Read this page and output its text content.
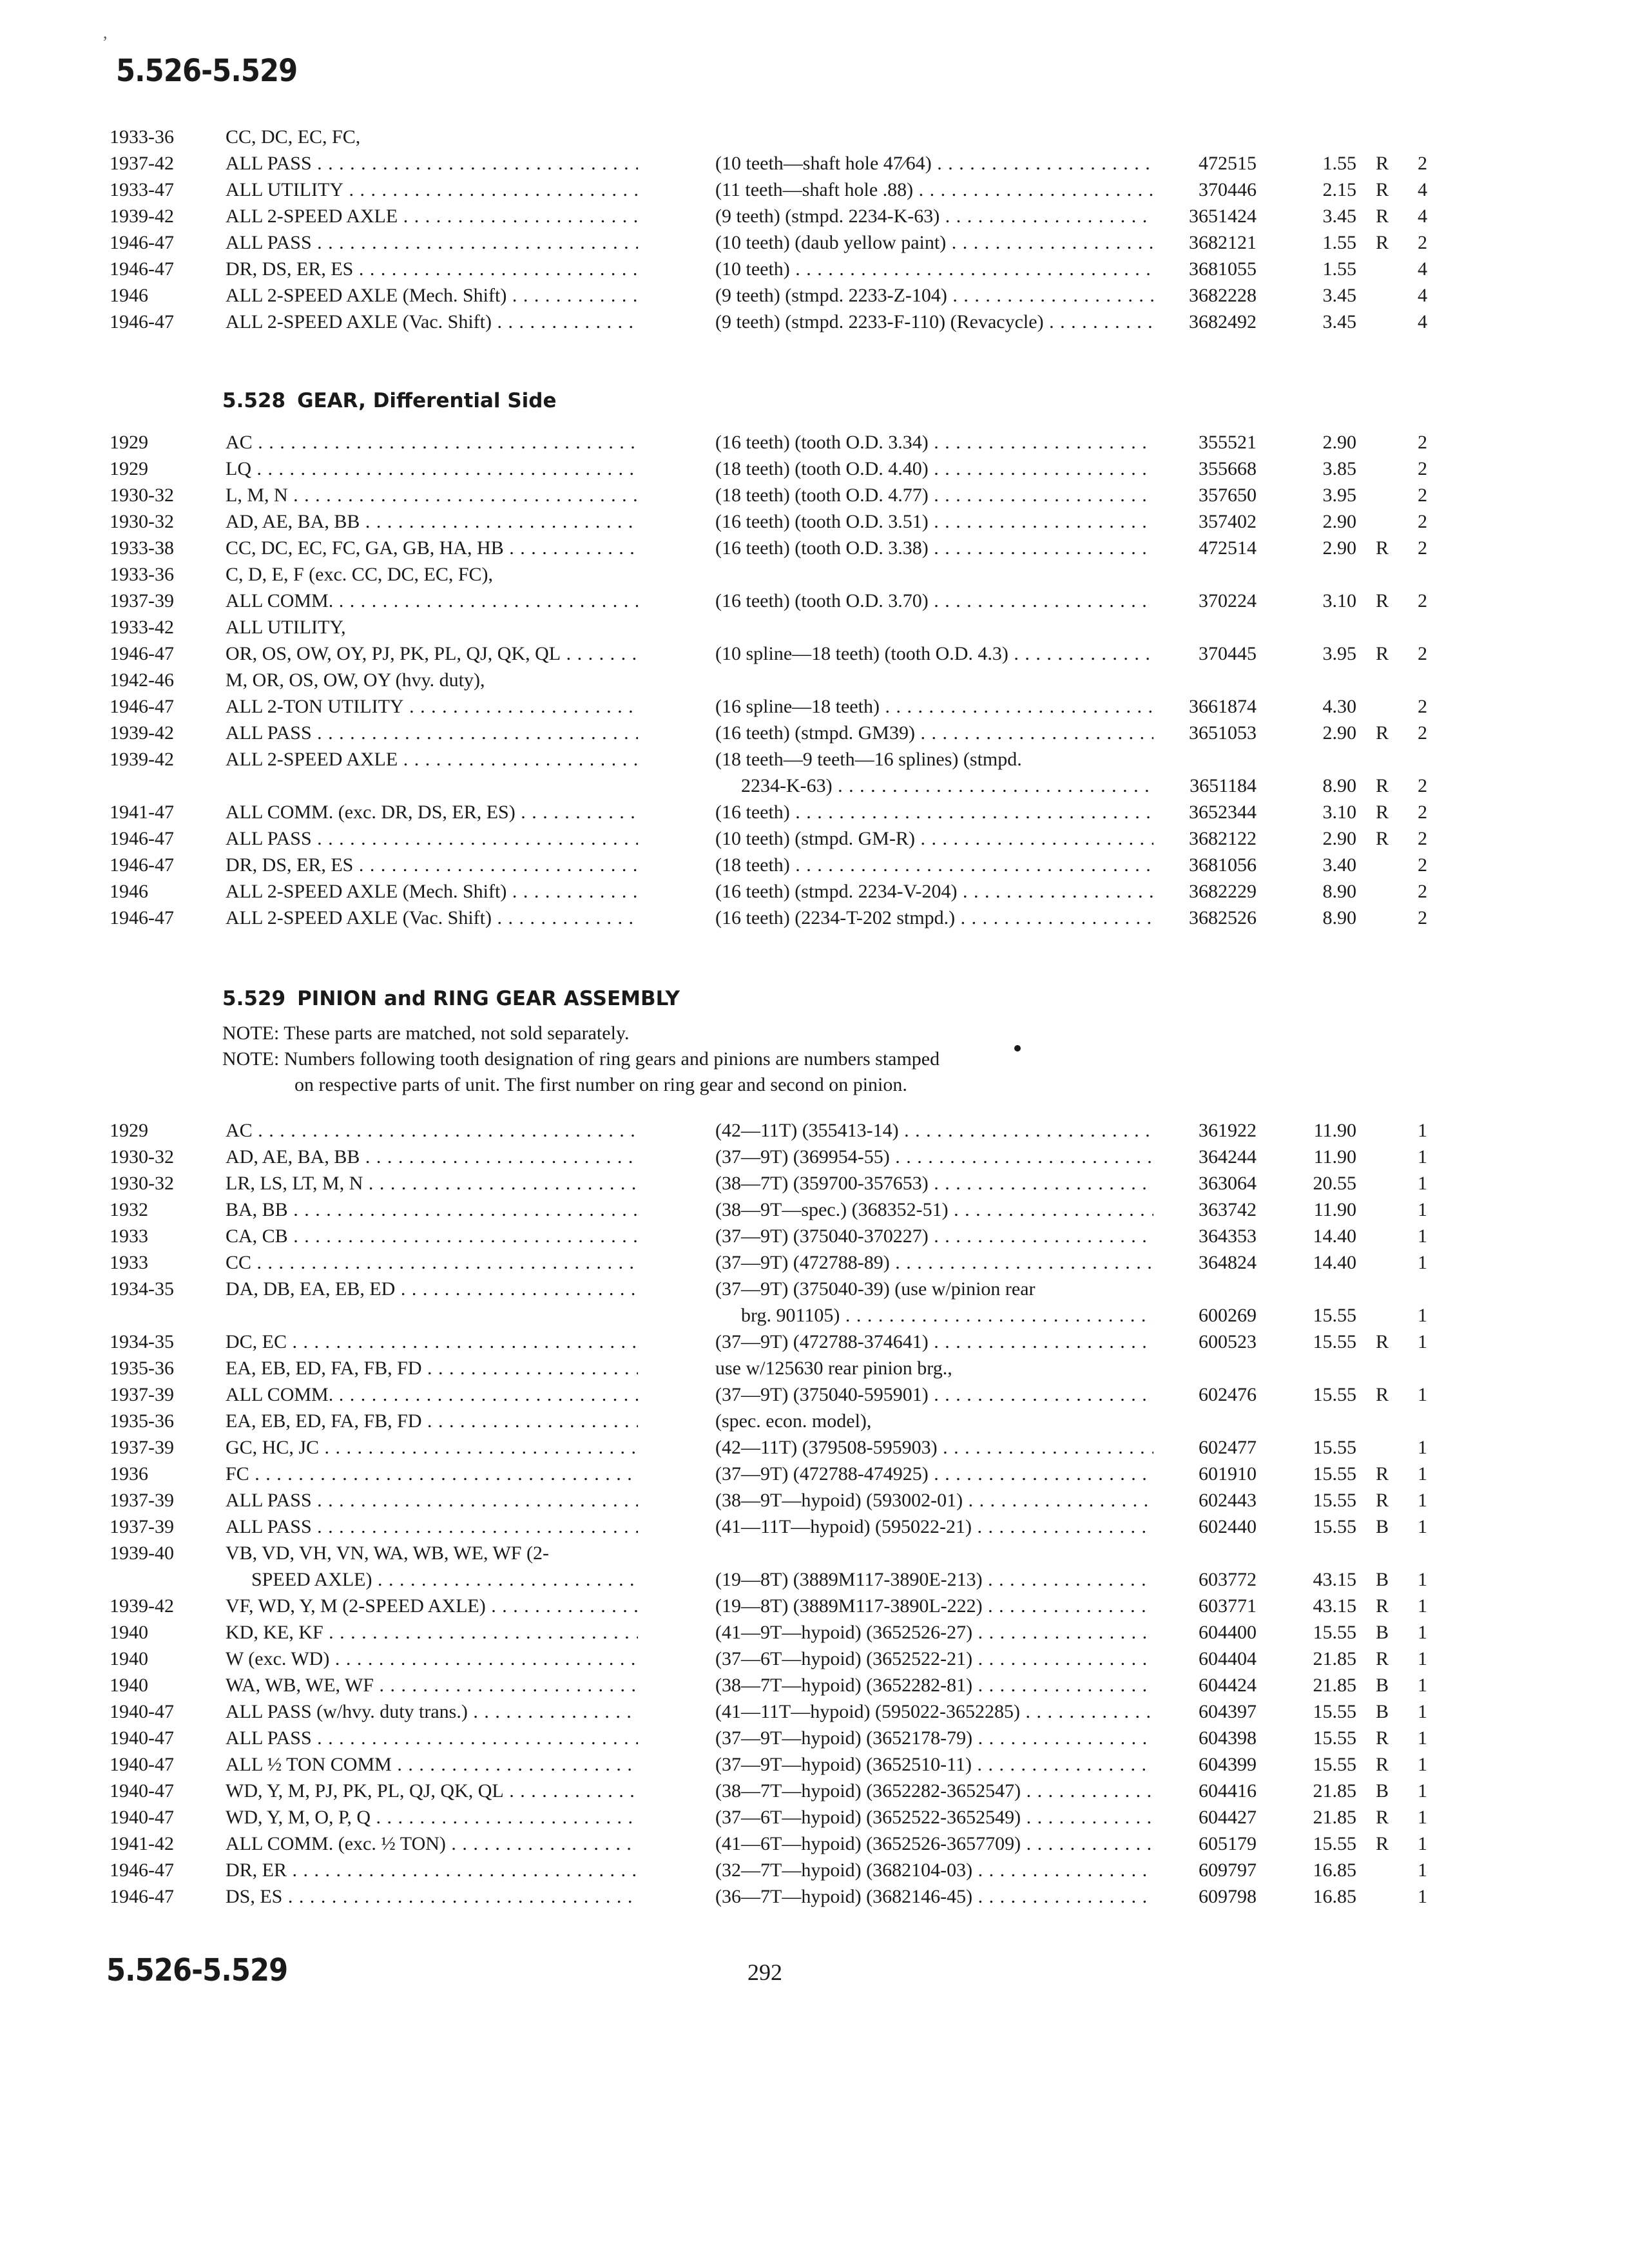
,
5.526-5.529
1933-36	CC, DC, EC, FC,
1937-42	ALL PASS . . .	(10 teeth—shaft hole 47⁄64) . . .	472515	1.55 R	2
1933-47	ALL UTILITY . . .	(11 teeth—shaft hole .88) . . .	370446	2.15 R	4
1939-42	ALL 2-SPEED AXLE . . .	(9 teeth) (stmpd. 2234-K-63) . . .	3651424	3.45 R	4
1946-47	ALL PASS . . .	(10 teeth) (daub yellow paint) . . .	3682121	1.55 R	2
1946-47	DR, DS, ER, ES . . .	(10 teeth) . . .	3681055	1.55	4
1946	ALL 2-SPEED AXLE (Mech. Shift) . . .	(9 teeth) (stmpd. 2233-Z-104) . . .	3682228	3.45	4
1946-47	ALL 2-SPEED AXLE (Vac. Shift) . . .	(9 teeth) (stmpd. 2233-F-110) (Revacycle) . . .	3682492	3.45	4
5.528 GEAR, Differential Side
1929	AC . . .	(16 teeth) (tooth O.D. 3.34) . . .	355521	2.90	2
1929	LQ . . .	(18 teeth) (tooth O.D. 4.40) . . .	355668	3.85	2
1930-32	L, M, N . . .	(18 teeth) (tooth O.D. 4.77) . . .	357650	3.95	2
1930-32	AD, AE, BA, BB . . .	(16 teeth) (tooth O.D. 3.51) . . .	357402	2.90	2
1933-38	CC, DC, EC, FC, GA, GB, HA, HB . . .	(16 teeth) (tooth O.D. 3.38) . . .	472514	2.90 R	2
1933-36	C, D, E, F (exc. CC, DC, EC, FC),
1937-39	ALL COMM. . . .	(16 teeth) (tooth O.D. 3.70) . . .	370224	3.10 R	2
1933-42	ALL UTILITY,
1946-47	OR, OS, OW, OY, PJ, PK, PL, QJ, QK, QL . . .	(10 spline—18 teeth) (tooth O.D. 4.3) . . .	370445	3.95 R	2
1942-46	M, OR, OS, OW, OY (hvy. duty),
1946-47	ALL 2-TON UTILITY . . .	(16 spline—18 teeth) . . .	3661874	4.30	2
1939-42	ALL PASS . . .	(16 teeth) (stmpd. GM39) . . .	3651053	2.90 R	2
1939-42	ALL 2-SPEED AXLE . . .	(18 teeth—9 teeth—16 splines) (stmpd.
2234-K-63) . . .	3651184	8.90 R	2
1941-47	ALL COMM. (exc. DR, DS, ER, ES) . . .	(16 teeth) . . .	3652344	3.10 R	2
1946-47	ALL PASS . . .	(10 teeth) (stmpd. GM-R) . . .	3682122	2.90 R	2
1946-47	DR, DS, ER, ES . . .	(18 teeth) . . .	3681056	3.40	2
1946	ALL 2-SPEED AXLE (Mech. Shift) . . .	(16 teeth) (stmpd. 2234-V-204) . . .	3682229	8.90	2
1946-47	ALL 2-SPEED AXLE (Vac. Shift) . . .	(16 teeth) (2234-T-202 stmpd.) . . .	3682526	8.90	2
5.529 PINION and RING GEAR ASSEMBLY
NOTE: These parts are matched, not sold separately.
NOTE: Numbers following tooth designation of ring gears and pinions are numbers stamped
on respective parts of unit. The first number on ring gear and second on pinion.
1929	AC . . .	(42—11T) (355413-14) . . .	361922	11.90	1
1930-32	AD, AE, BA, BB . . .	(37—9T) (369954-55) . . .	364244	11.90	1
1930-32	LR, LS, LT, M, N . . .	(38—7T) (359700-357653) . . .	363064	20.55	1
1932	BA, BB . . .	(38—9T—spec.) (368352-51) . . .	363742	11.90	1
1933	CA, CB . . .	(37—9T) (375040-370227) . . .	364353	14.40	1
1933	CC . . .	(37—9T) (472788-89) . . .	364824	14.40	1
1934-35	DA, DB, EA, EB, ED . . .	(37—9T) (375040-39) (use w/pinion rear
brg. 901105) . . .	600269	15.55	1
1934-35	DC, EC . . .	(37—9T) (472788-374641) . . .	600523	15.55 R	1
1935-36	EA, EB, ED, FA, FB, FD . . .	use w/125630 rear pinion brg.,
1937-39	ALL COMM. . . .	(37—9T) (375040-595901) . . .	602476	15.55 R	1
1935-36	EA, EB, ED, FA, FB, FD . . .	(spec. econ. model),
1937-39	GC, HC, JC . . .	(42—11T) (379508-595903) . . .	602477	15.55	1
1936	FC . . .	(37—9T) (472788-474925) . . .	601910	15.55 R	1
1937-39	ALL PASS . . .	(38—9T—hypoid) (593002-01) . . .	602443	15.55 R	1
1937-39	ALL PASS . . .	(41—11T—hypoid) (595022-21) . . .	602440	15.55 B	1
1939-40	VB, VD, VH, VN, WA, WB, WE, WF (2-
SPEED AXLE) . . .	(19—8T) (3889M117-3890E-213) . . .	603772	43.15 B	1
1939-42	VF, WD, Y, M (2-SPEED AXLE) . . .	(19—8T) (3889M117-3890L-222) . . .	603771	43.15 R	1
1940	KD, KE, KF . . .	(41—9T—hypoid) (3652526-27) . . .	604400	15.55 B	1
1940	W (exc. WD) . . .	(37—6T—hypoid) (3652522-21) . . .	604404	21.85 R	1
1940	WA, WB, WE, WF . . .	(38—7T—hypoid) (3652282-81) . . .	604424	21.85 B	1
1940-47	ALL PASS (w/hvy. duty trans.) . . .	(41—11T—hypoid) (595022-3652285) . . .	604397	15.55 B	1
1940-47	ALL PASS . . .	(37—9T—hypoid) (3652178-79) . . .	604398	15.55 R	1
1940-47	ALL ½ TON COMM . . .	(37—9T—hypoid) (3652510-11) . . .	604399	15.55 R	1
1940-47	WD, Y, M, PJ, PK, PL, QJ, QK, QL . . .	(38—7T—hypoid) (3652282-3652547) . . .	604416	21.85 B	1
1940-47	WD, Y, M, O, P, Q . . .	(37—6T—hypoid) (3652522-3652549) . . .	604427	21.85 R	1
1941-42	ALL COMM. (exc. ½ TON) . . .	(41—6T—hypoid) (3652526-3657709) . . .	605179	15.55 R	1
1946-47	DR, ER . . .	(32—7T—hypoid) (3682104-03) . . .	609797	16.85	1
1946-47	DS, ES . . .	(36—7T—hypoid) (3682146-45) . . .	609798	16.85	1
5.526-5.529	292
